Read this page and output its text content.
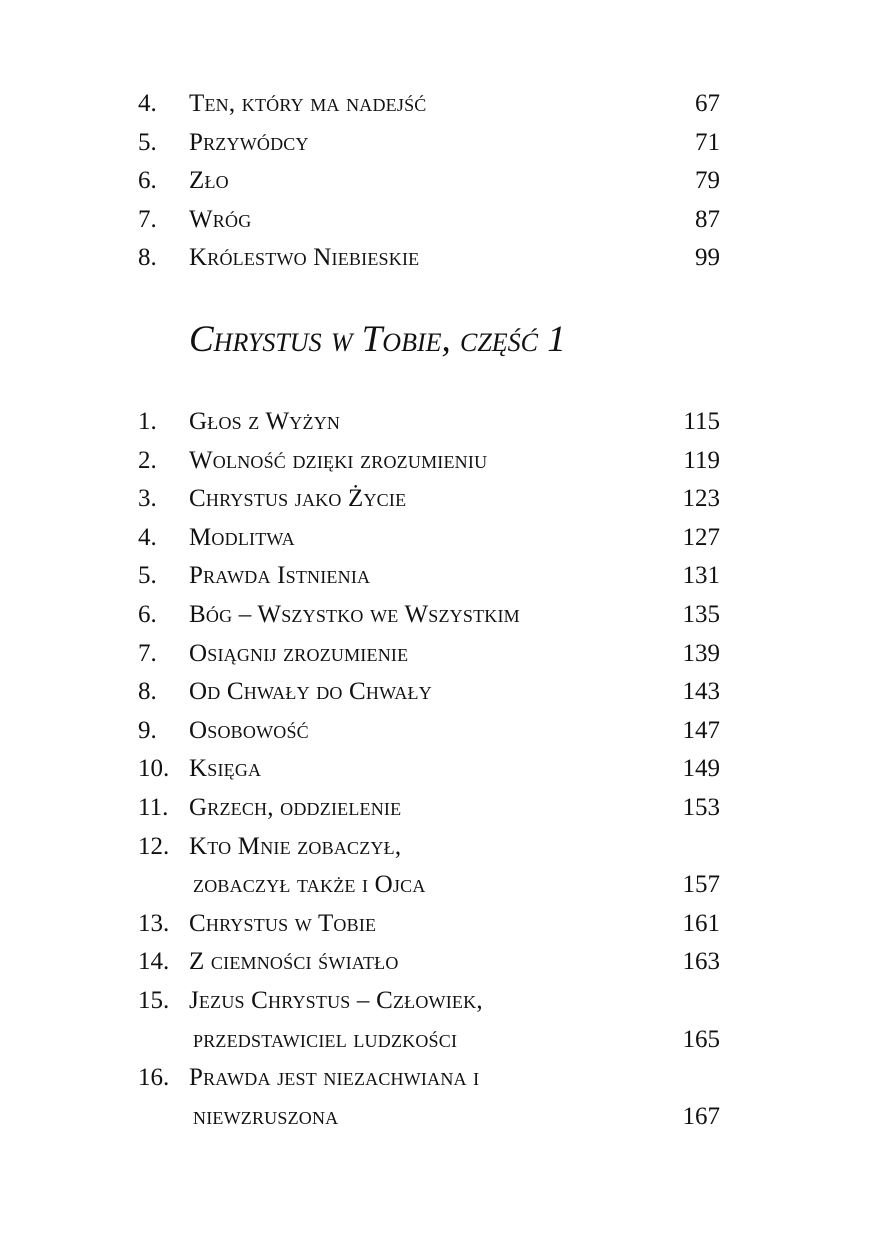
4. Ten, który ma nadejść	67
5. Przywódcy	71
6. Zło	79
7. Wróg	87
8. Królestwo Niebieskie	99
Chrystus w Tobie, część 1
1. Głos z Wyżyn	115
2. Wolność dzięki zrozumieniu	119
3. Chrystus jako Życie	123
4. Modlitwa	127
5. Prawda Istnienia	131
6. Bóg – Wszystko we Wszystkim	135
7. Osiągnij zrozumienie	139
8. Od Chwały do Chwały	143
9. Osobowość	147
10. Księga	149
11. Grzech, oddzielenie	153
12. Kto Mnie zobaczył,
zobaczył także i Ojca	157
13. Chrystus w Tobie	161
14. Z ciemności światło	163
15. Jezus Chrystus – Człowiek,
przedstawiciel ludzkości	165
16. Prawda jest niezachwiana i
niewzruszona	167
